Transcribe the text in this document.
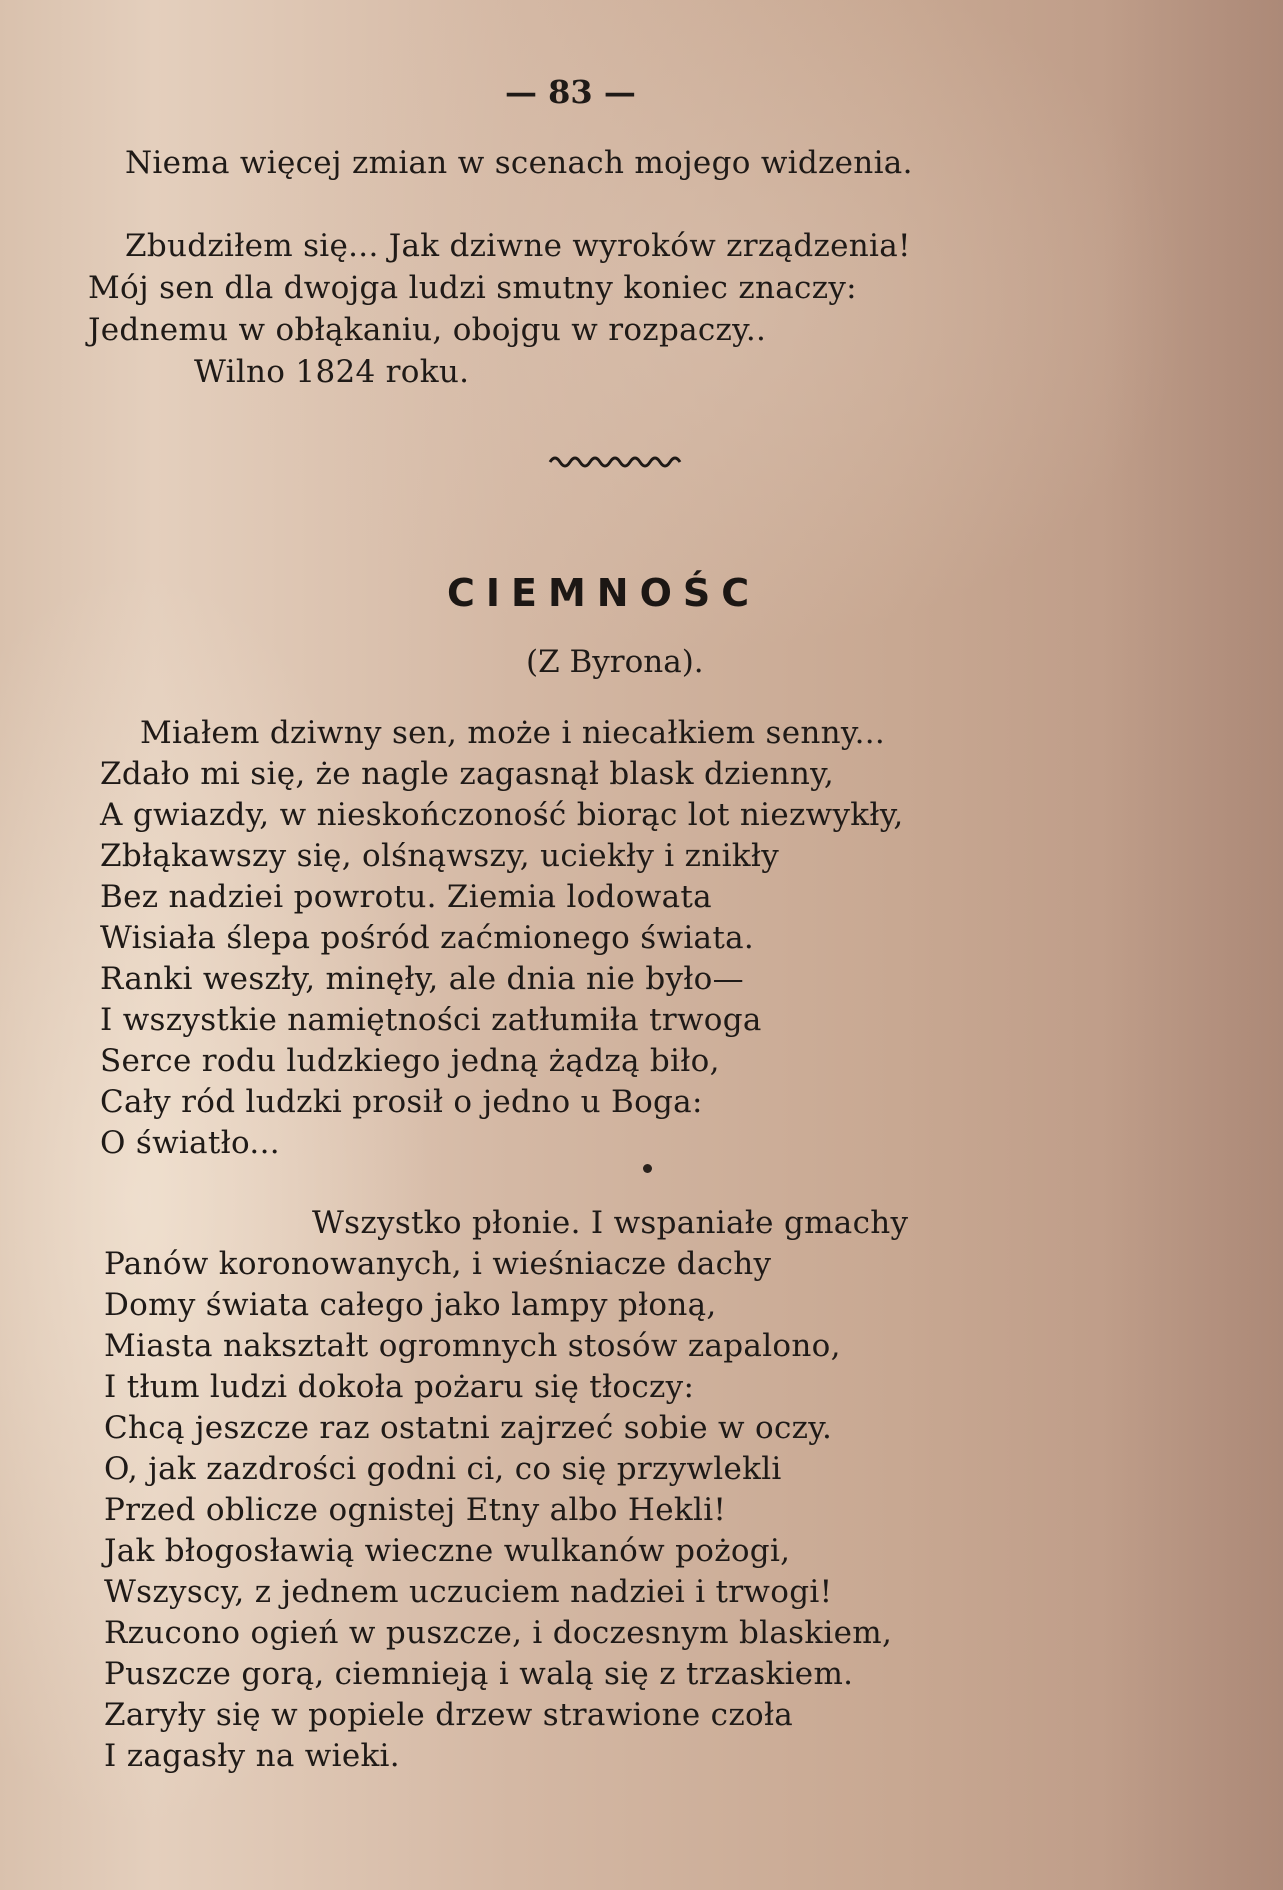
— 83 —
Niema więcej zmian w scenach mojego widzenia.
Zbudziłem się... Jak dziwne wyroków zrządzenia!
Mój sen dla dwojga ludzi smutny koniec znaczy:
Jednemu w obłąkaniu, obojgu w rozpaczy..
Wilno 1824 roku.
CIEMNOŚC
(Z Byrona).
Miałem dziwny sen, może i niecałkiem senny...
Zdało mi się, że nagle zagasnął blask dzienny,
A gwiazdy, w nieskończoność biorąc lot niezwykły,
Zbłąkawszy się, olśnąwszy, uciekły i znikły
Bez nadziei powrotu. Ziemia lodowata
Wisiała ślepa pośród zaćmionego świata.
Ranki weszły, minęły, ale dnia nie było—
I wszystkie namiętności zatłumiła trwoga
Serce rodu ludzkiego jedną żądzą biło,
Cały ród ludzki prosił o jedno u Boga:
O światło...
Wszystko płonie. I wspaniałe gmachy
Panów koronowanych, i wieśniacze dachy
Domy świata całego jako lampy płoną,
Miasta nakształt ogromnych stosów zapalono,
I tłum ludzi dokoła pożaru się tłoczy:
Chcą jeszcze raz ostatni zajrzeć sobie w oczy.
O, jak zazdrości godni ci, co się przywlekli
Przed oblicze ognistej Etny albo Hekli!
Jak błogosławią wieczne wulkanów pożogi,
Wszyscy, z jednem uczuciem nadziei i trwogi!
Rzucono ogień w puszcze, i doczesnym blaskiem,
Puszcze gorą, ciemnieją i walą się z trzaskiem.
Zaryły się w popiele drzew strawione czoła
I zagasły na wieki.
